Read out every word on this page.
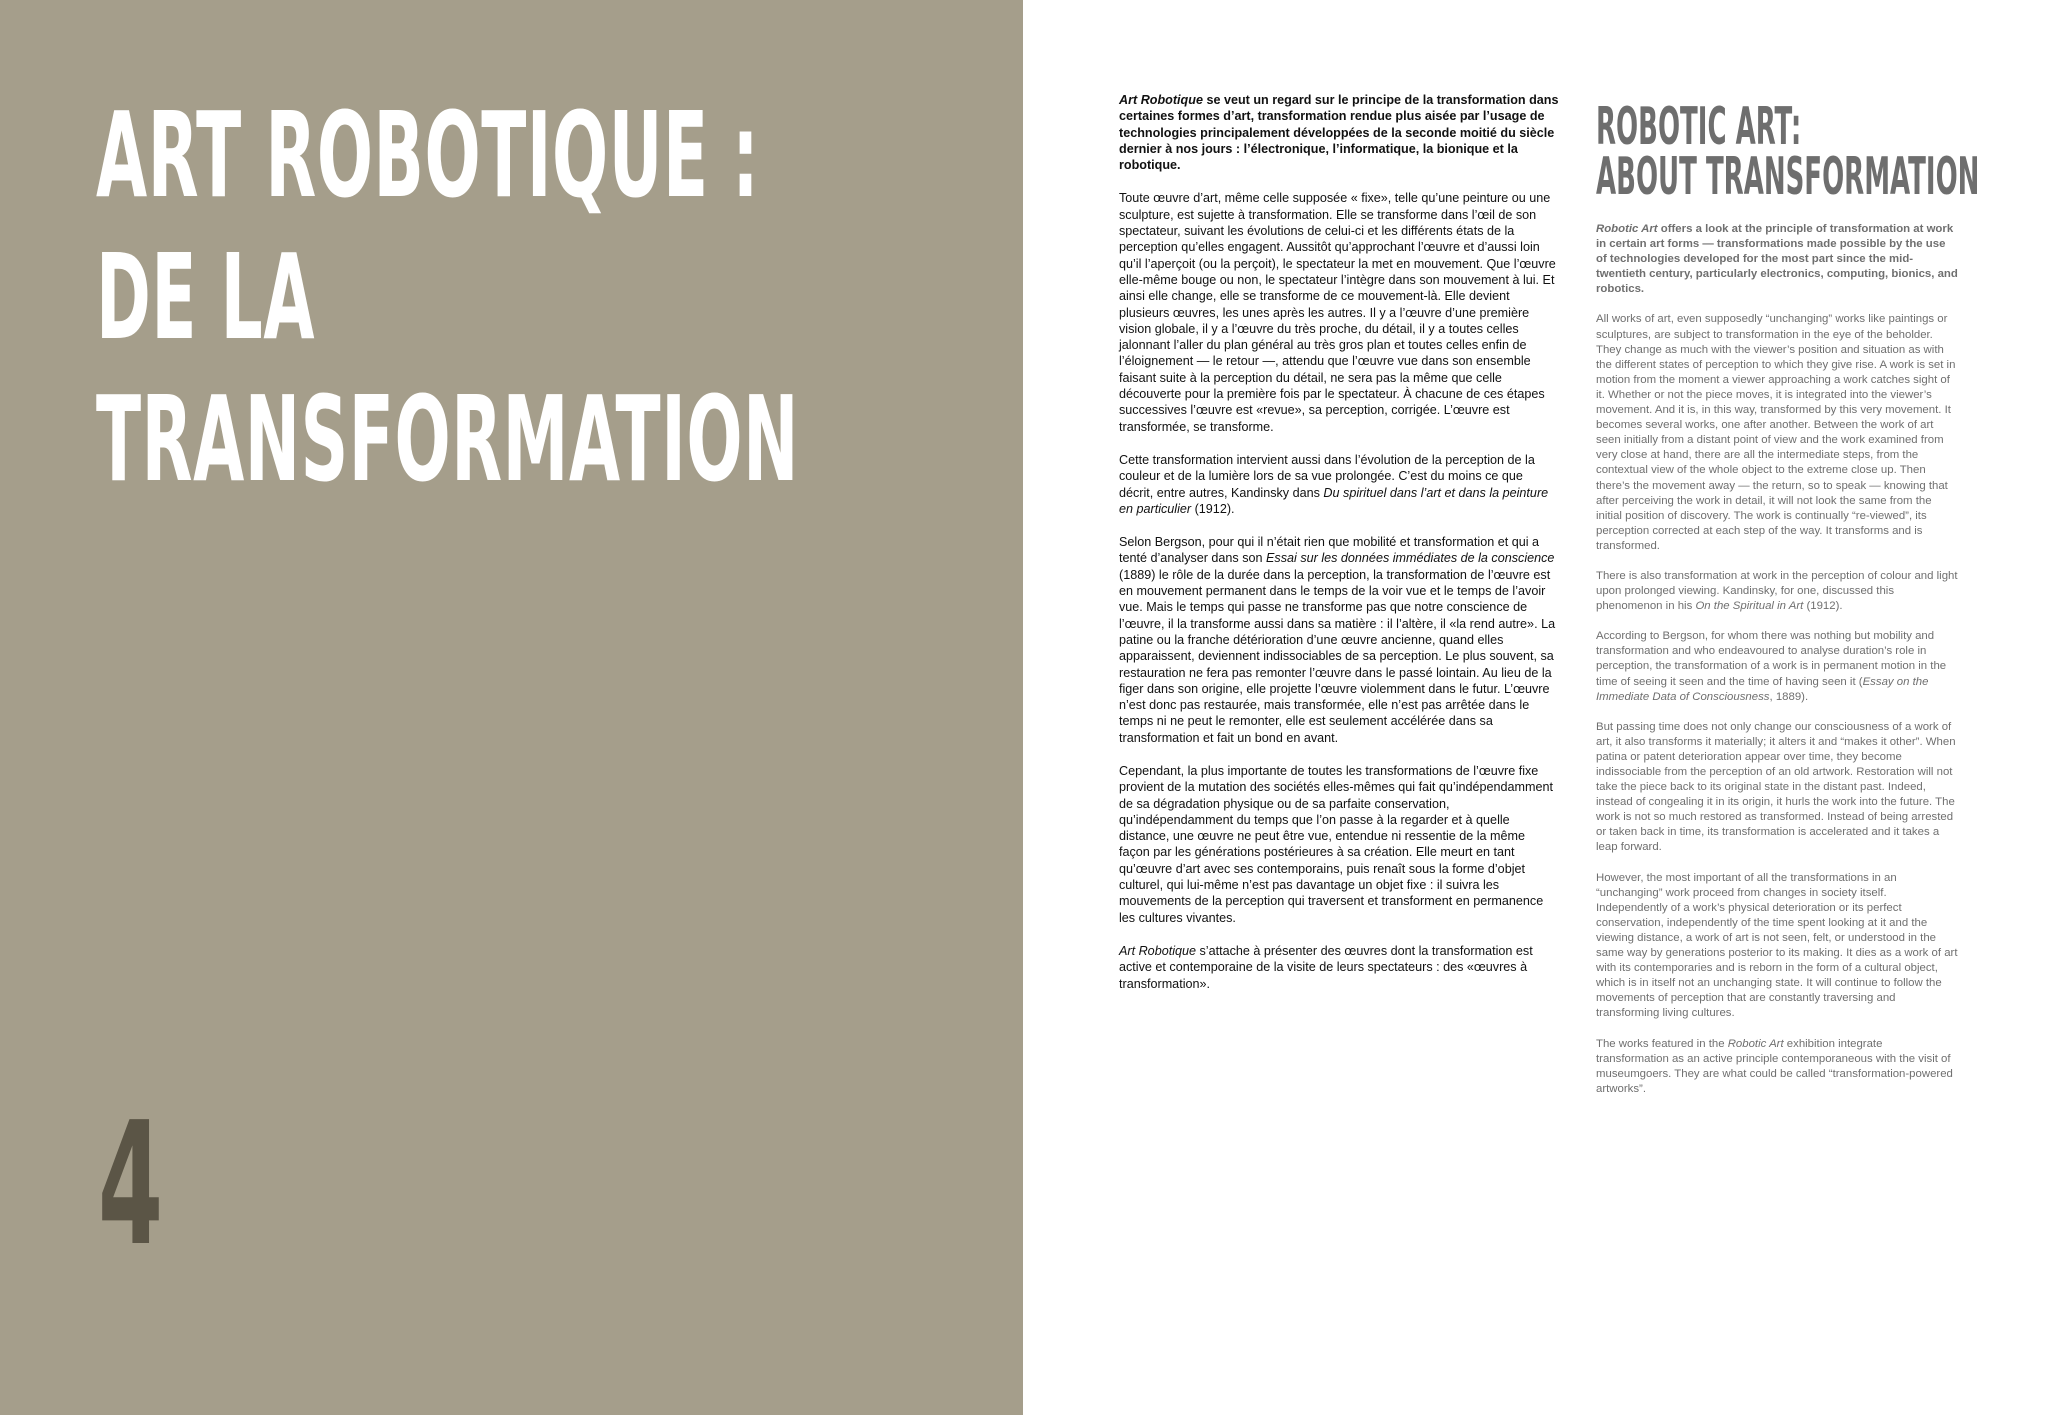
ART ROBOTIQUE :
DE LA
TRANSFORMATION
4

Art Robotique se veut un regard sur le principe de la transformation dans certaines formes d’art, transformation rendue plus aisée par l’usage de technologies principalement développées de la seconde moitié du siècle dernier à nos jours : l’électronique, l’informatique, la bionique et la robotique.

Toute œuvre d’art, même celle supposée « fixe», telle qu’une peinture ou une sculpture, est sujette à transformation. Elle se transforme dans l’œil de son spectateur, suivant les évolutions de celui-ci et les différents états de la perception qu’elles engagent. Aussitôt qu’approchant l’œuvre et d’aussi loin qu’il l’aperçoit (ou la perçoit), le spectateur la met en mouvement. Que l’œuvre elle-même bouge ou non, le spectateur l’intègre dans son mouvement à lui. Et ainsi elle change, elle se transforme de ce mouvement-là. Elle devient plusieurs œuvres, les unes après les autres. Il y a l’œuvre d’une première vision globale, il y a l’œuvre du très proche, du détail, il y a toutes celles jalonnant l’aller du plan général au très gros plan et toutes celles enfin de l’éloignement — le retour —, attendu que l’œuvre vue dans son ensemble faisant suite à la perception du détail, ne sera pas la même que celle découverte pour la première fois par le spectateur. À chacune de ces étapes successives l’œuvre est «revue», sa perception, corrigée. L’œuvre est transformée, se transforme.

Cette transformation intervient aussi dans l’évolution de la perception de la couleur et de la lumière lors de sa vue prolongée. C’est du moins ce que décrit, entre autres, Kandinsky dans Du spirituel dans l’art et dans la peinture en particulier (1912).

Selon Bergson, pour qui il n’était rien que mobilité et transformation et qui a tenté d’analyser dans son Essai sur les données immédiates de la conscience (1889) le rôle de la durée dans la perception, la transformation de l’œuvre est en mouvement permanent dans le temps de la voir vue et le temps de l’avoir vue. Mais le temps qui passe ne transforme pas que notre conscience de l’œuvre, il la transforme aussi dans sa matière : il l’altère, il «la rend autre». La patine ou la franche détérioration d’une œuvre ancienne, quand elles apparaissent, deviennent indissociables de sa perception. Le plus souvent, sa restauration ne fera pas remonter l’œuvre dans le passé lointain. Au lieu de la figer dans son origine, elle projette l’œuvre violemment dans le futur. L’œuvre n’est donc pas restaurée, mais transformée, elle n’est pas arrêtée dans le temps ni ne peut le remonter, elle est seulement accélérée dans sa transformation et fait un bond en avant.

Cependant, la plus importante de toutes les transformations de l’œuvre fixe provient de la mutation des sociétés elles-mêmes qui fait qu’indépendamment de sa dégradation physique ou de sa parfaite conservation, qu’indépendamment du temps que l’on passe à la regarder et à quelle distance, une œuvre ne peut être vue, entendue ni ressentie de la même façon par les générations postérieures à sa création. Elle meurt en tant qu’œuvre d’art avec ses contemporains, puis renaît sous la forme d’objet culturel, qui lui-même n’est pas davantage un objet fixe : il suivra les mouvements de la perception qui traversent et transforment en permanence les cultures vivantes.

Art Robotique s’attache à présenter des œuvres dont la transformation est active et contemporaine de la visite de leurs spectateurs : des «œuvres à transformation».

ROBOTIC ART:
ABOUT TRANSFORMATION

Robotic Art offers a look at the principle of transformation at work in certain art forms — transformations made possible by the use of technologies developed for the most part since the mid-twentieth century, particularly electronics, computing, bionics, and robotics.

All works of art, even supposedly “unchanging” works like paintings or sculptures, are subject to transformation in the eye of the beholder. They change as much with the viewer’s position and situation as with the different states of perception to which they give rise. A work is set in motion from the moment a viewer approaching a work catches sight of it. Whether or not the piece moves, it is integrated into the viewer’s movement. And it is, in this way, transformed by this very movement. It becomes several works, one after another. Between the work of art seen initially from a distant point of view and the work examined from very close at hand, there are all the intermediate steps, from the contextual view of the whole object to the extreme close up. Then there’s the movement away — the return, so to speak — knowing that after perceiving the work in detail, it will not look the same from the initial position of discovery. The work is continually “re-viewed”, its perception corrected at each step of the way. It transforms and is transformed.

There is also transformation at work in the perception of colour and light upon prolonged viewing. Kandinsky, for one, discussed this phenomenon in his On the Spiritual in Art (1912).

According to Bergson, for whom there was nothing but mobility and transformation and who endeavoured to analyse duration’s role in perception, the transformation of a work is in permanent motion in the time of seeing it seen and the time of having seen it (Essay on the Immediate Data of Consciousness, 1889).

But passing time does not only change our consciousness of a work of art, it also transforms it materially; it alters it and “makes it other”. When patina or patent deterioration appear over time, they become indissociable from the perception of an old artwork. Restoration will not take the piece back to its original state in the distant past. Indeed, instead of congealing it in its origin, it hurls the work into the future. The work is not so much restored as transformed. Instead of being arrested or taken back in time, its transformation is accelerated and it takes a leap forward.

However, the most important of all the transformations in an “unchanging” work proceed from changes in society itself. Independently of a work’s physical deterioration or its perfect conservation, independently of the time spent looking at it and the viewing distance, a work of art is not seen, felt, or understood in the same way by generations posterior to its making. It dies as a work of art with its contemporaries and is reborn in the form of a cultural object, which is in itself not an unchanging state. It will continue to follow the movements of perception that are constantly traversing and transforming living cultures.

The works featured in the Robotic Art exhibition integrate transformation as an active principle contemporaneous with the visit of museumgoers. They are what could be called “transformation-powered artworks”.
